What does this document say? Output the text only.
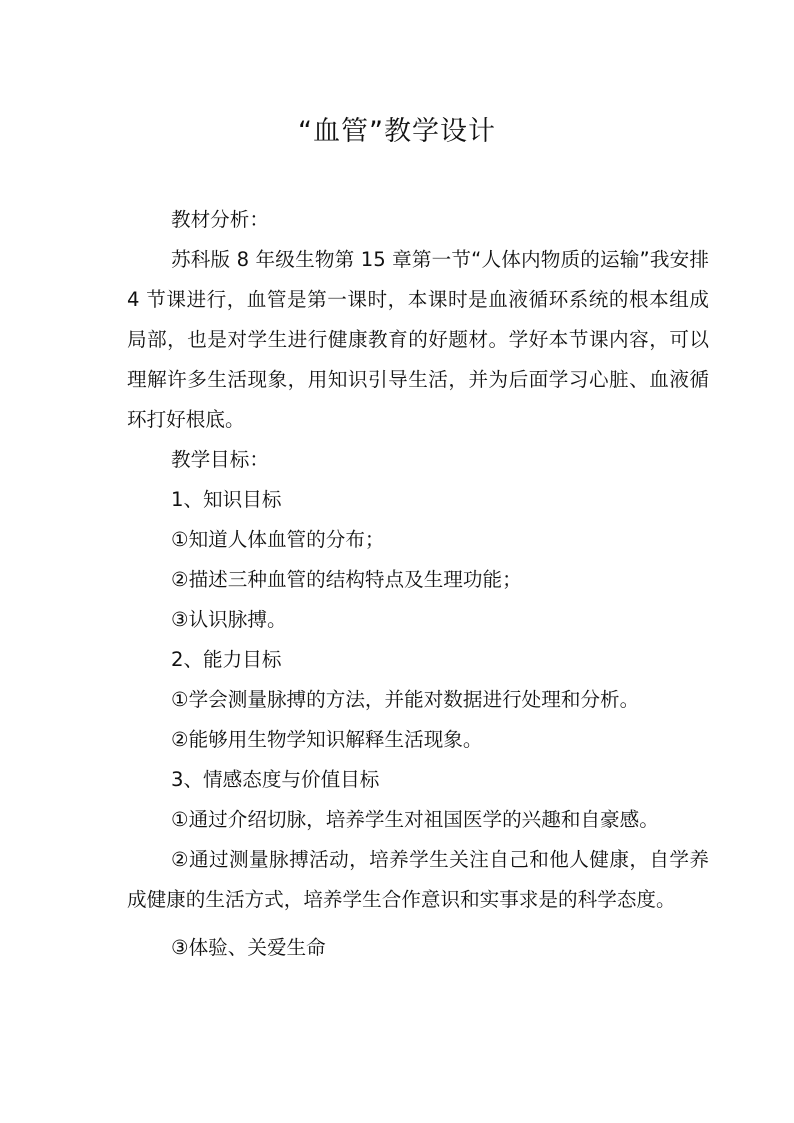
“血管”教学设计

教材分析：

苏科版 8 年级生物第 15 章第一节“人体内物质的运输”我安排 4 节课进行，血管是第一课时，本课时是血液循环系统的根本组成局部，也是对学生进行健康教育的好题材。学好本节课内容，可以理解许多生活现象，用知识引导生活，并为后面学习心脏、血液循环打好根底。

教学目标：

1、知识目标

①知道人体血管的分布；

②描述三种血管的结构特点及生理功能；

③认识脉搏。

2、能力目标

①学会测量脉搏的方法，并能对数据进行处理和分析。

②能够用生物学知识解释生活现象。

3、情感态度与价值目标

①通过介绍切脉，培养学生对祖国医学的兴趣和自豪感。

②通过测量脉搏活动，培养学生关注自己和他人健康，自学养成健康的生活方式，培养学生合作意识和实事求是的科学态度。

③体验、关爱生命
